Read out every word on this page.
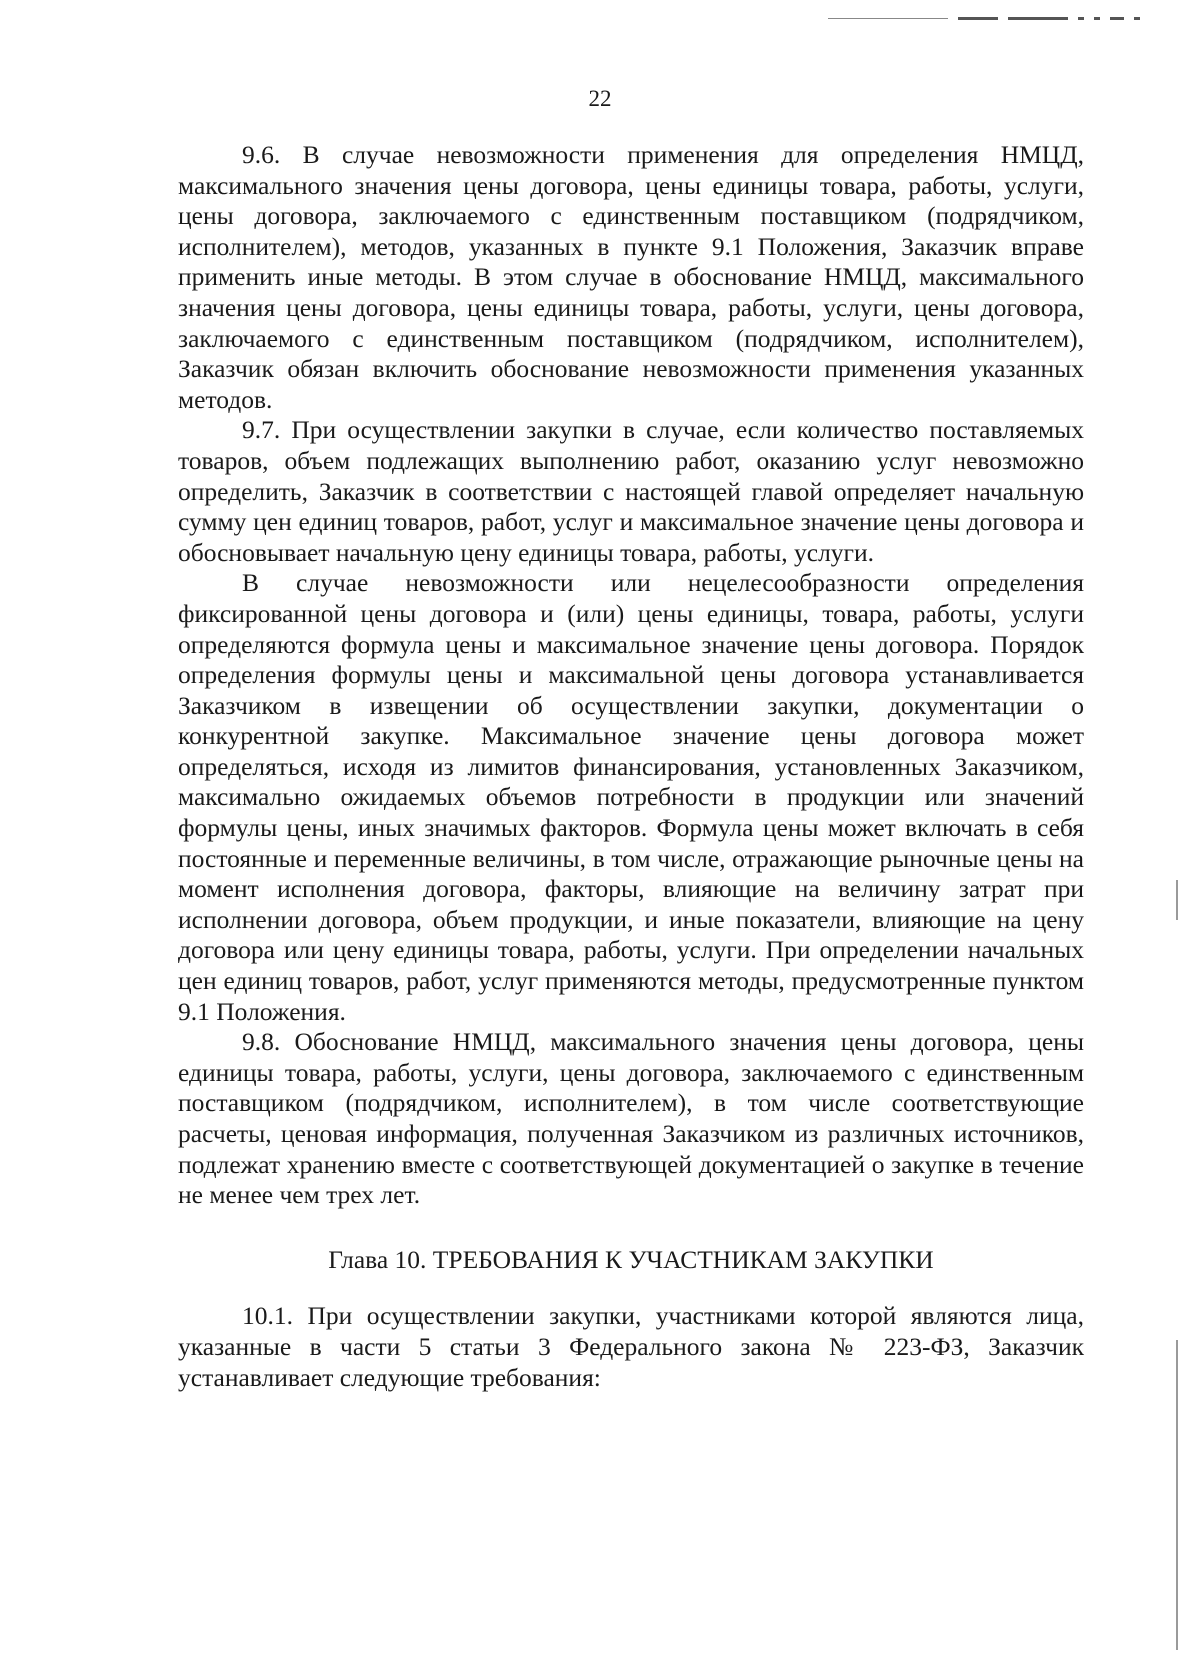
22

9.6. В случае невозможности применения для определения НМЦД, максимального значения цены договора, цены единицы товара, работы, услуги, цены договора, заключаемого с единственным поставщиком (подрядчиком, исполнителем), методов, указанных в пункте 9.1 Положения, Заказчик вправе применить иные методы. В этом случае в обоснование НМЦД, максимального значения цены договора, цены единицы товара, работы, услуги, цены договора, заключаемого с единственным поставщиком (подрядчиком, исполнителем), Заказчик обязан включить обоснование невозможности применения указанных методов.

9.7. При осуществлении закупки в случае, если количество поставляемых товаров, объем подлежащих выполнению работ, оказанию услуг невозможно определить, Заказчик в соответствии с настоящей главой определяет начальную сумму цен единиц товаров, работ, услуг и максимальное значение цены договора и обосновывает начальную цену единицы товара, работы, услуги.

В случае невозможности или нецелесообразности определения фиксированной цены договора и (или) цены единицы, товара, работы, услуги определяются формула цены и максимальное значение цены договора. Порядок определения формулы цены и максимальной цены договора устанавливается Заказчиком в извещении об осуществлении закупки, документации о конкурентной закупке. Максимальное значение цены договора может определяться, исходя из лимитов финансирования, установленных Заказчиком, максимально ожидаемых объемов потребности в продукции или значений формулы цены, иных значимых факторов. Формула цены может включать в себя постоянные и переменные величины, в том числе, отражающие рыночные цены на момент исполнения договора, факторы, влияющие на величину затрат при исполнении договора, объем продукции, и иные показатели, влияющие на цену договора или цену единицы товара, работы, услуги. При определении начальных цен единиц товаров, работ, услуг применяются методы, предусмотренные пунктом 9.1 Положения.

9.8. Обоснование НМЦД, максимального значения цены договора, цены единицы товара, работы, услуги, цены договора, заключаемого с единственным поставщиком (подрядчиком, исполнителем), в том числе соответствующие расчеты, ценовая информация, полученная Заказчиком из различных источников, подлежат хранению вместе с соответствующей документацией о закупке в течение не менее чем трех лет.

Глава 10. ТРЕБОВАНИЯ К УЧАСТНИКАМ ЗАКУПКИ

10.1. При осуществлении закупки, участниками которой являются лица, указанные в части 5 статьи 3 Федерального закона № 223-ФЗ, Заказчик устанавливает следующие требования:
